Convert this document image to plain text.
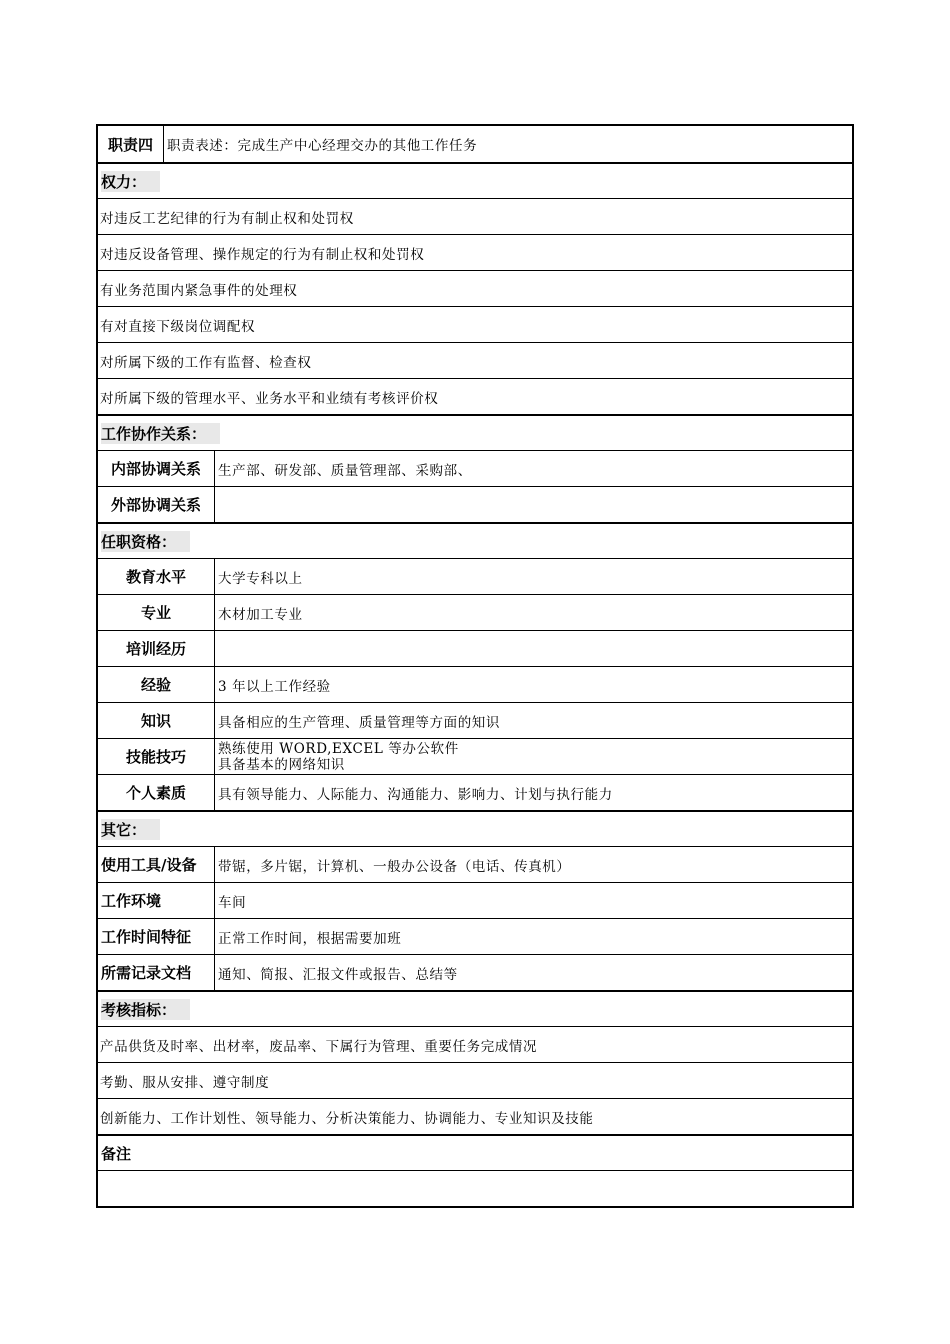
职责四	职责表述：完成生产中心经理交办的其他工作任务
权力：
对违反工艺纪律的行为有制止权和处罚权
对违反设备管理、操作规定的行为有制止权和处罚权
有业务范围内紧急事件的处理权
有对直接下级岗位调配权
对所属下级的工作有监督、检查权
对所属下级的管理水平、业务水平和业绩有考核评价权
工作协作关系：
内部协调关系	生产部、研发部、质量管理部、采购部、
外部协调关系
任职资格：
教育水平	大学专科以上
专业	木材加工专业
培训经历
经验	3 年以上工作经验
知识	具备相应的生产管理、质量管理等方面的知识
技能技巧	熟练使用 WORD,EXCEL 等办公软件
具备基本的网络知识
个人素质	具有领导能力、人际能力、沟通能力、影响力、计划与执行能力
其它：
使用工具/设备	带锯，多片锯，计算机、一般办公设备（电话、传真机）
工作环境	车间
工作时间特征	正常工作时间，根据需要加班
所需记录文档	通知、简报、汇报文件或报告、总结等
考核指标：
产品供货及时率、出材率，废品率、下属行为管理、重要任务完成情况
考勤、服从安排、遵守制度
创新能力、工作计划性、领导能力、分析决策能力、协调能力、专业知识及技能
备注
